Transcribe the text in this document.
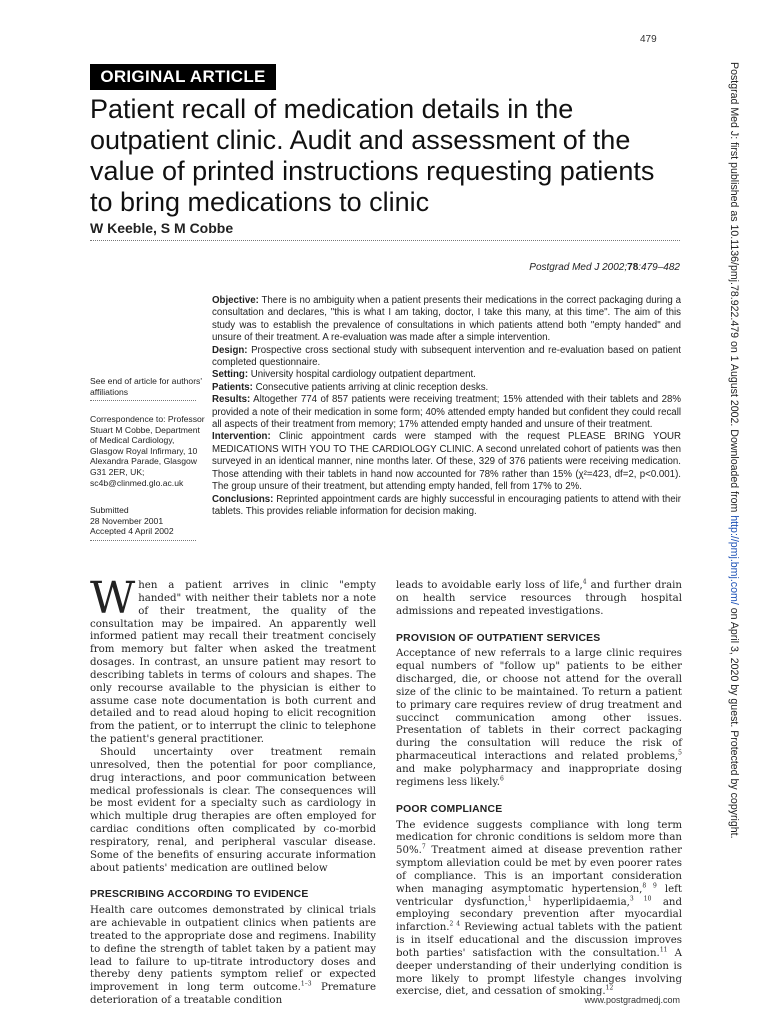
479
ORIGINAL ARTICLE
Patient recall of medication details in the outpatient clinic. Audit and assessment of the value of printed instructions requesting patients to bring medications to clinic
W Keeble, S M Cobbe
Postgrad Med J 2002;78:479–482
See end of article for authors' affiliations
Correspondence to: Professor Stuart M Cobbe, Department of Medical Cardiology, Glasgow Royal Infirmary, 10 Alexandra Parade, Glasgow G31 2ER, UK; sc4b@clinmed.glo.ac.uk
Submitted
28 November 2001
Accepted 4 April 2002

Objective: There is no ambiguity when a patient presents their medications in the correct packaging during a consultation and declares, "this is what I am taking, doctor, I take this many, at this time". The aim of this study was to establish the prevalence of consultations in which patients attend both "empty handed" and unsure of their treatment. A re-evaluation was made after a simple intervention.

Design: Prospective cross sectional study with subsequent intervention and re-evaluation based on patient completed questionnaire.

Setting: University hospital cardiology outpatient department.

Patients: Consecutive patients arriving at clinic reception desks.

Results: Altogether 774 of 857 patients were receiving treatment; 15% attended with their tablets and 28% provided a note of their medication in some form; 40% attended empty handed but confident they could recall all aspects of their treatment from memory; 17% attended empty handed and unsure of their treatment.

Intervention: Clinic appointment cards were stamped with the request PLEASE BRING YOUR MEDICATIONS WITH YOU TO THE CARDIOLOGY CLINIC. A second unrelated cohort of patients was then surveyed in an identical manner, nine months later. Of these, 329 of 376 patients were receiving medication. Those attending with their tablets in hand now accounted for 78% rather than 15% (χ²=423, df=2, p<0.001). The group unsure of their treatment, but attending empty handed, fell from 17% to 2%.

Conclusions: Reprinted appointment cards are highly successful in encouraging patients to attend with their tablets. This provides reliable information for decision making.

When a patient arrives in clinic "empty handed" with neither their tablets nor a note of their treatment, the quality of the consultation may be impaired. An apparently well informed patient may recall their treatment concisely from memory but falter when asked the treatment dosages. In contrast, an unsure patient may resort to describing tablets in terms of colours and shapes. The only recourse available to the physician is either to assume case note documentation is both current and detailed and to read aloud hoping to elicit recognition from the patient, or to interrupt the clinic to telephone the patient's general practitioner.

Should uncertainty over treatment remain unresolved, then the potential for poor compliance, drug interactions, and poor communication between medical professionals is clear. The consequences will be most evident for a specialty such as cardiology in which multiple drug therapies are often employed for cardiac conditions often complicated by co-morbid respiratory, renal, and peripheral vascular disease. Some of the benefits of ensuring accurate information about patients' medication are outlined below

PRESCRIBING ACCORDING TO EVIDENCE

Health care outcomes demonstrated by clinical trials are achievable in outpatient clinics when patients are treated to the appropriate dose and regimens. Inability to define the strength of tablet taken by a patient may lead to failure to up-titrate introductory doses and thereby deny patients symptom relief or expected improvement in long term outcome.$^{1-3}$ Premature deterioration of a treatable condition

leads to avoidable early loss of life,$^4$ and further drain on health service resources through hospital admissions and repeated investigations.

PROVISION OF OUTPATIENT SERVICES

Acceptance of new referrals to a large clinic requires equal numbers of "follow up" patients to be either discharged, die, or choose not attend for the overall size of the clinic to be maintained. To return a patient to primary care requires review of drug treatment and succinct communication among other issues. Presentation of tablets in their correct packaging during the consultation will reduce the risk of pharmaceutical interactions and related problems,$^5$ and make polypharmacy and inappropriate dosing regimens less likely.$^6$

POOR COMPLIANCE

The evidence suggests compliance with long term medication for chronic conditions is seldom more than 50%.$^7$ Treatment aimed at disease prevention rather symptom alleviation could be met by even poorer rates of compliance. This is an important consideration when managing asymptomatic hypertension,$^{8 9}$ left ventricular dysfunction,$^1$ hyperlipidaemia,$^{3 10}$ and employing secondary prevention after myocardial infarction.$^{2 4}$ Reviewing actual tablets with the patient is in itself educational and the discussion improves both parties' satisfaction with the consultation.$^{11}$ A deeper understanding of their underlying condition is more likely to prompt lifestyle changes involving exercise, diet, and cessation of smoking.$^{12}$

Postgrad Med J: first published as 10.1136/pmj.78.922.479 on 1 August 2002. Downloaded from http://pmj.bmj.com/ on April 3, 2020 by guest. Protected by copyright.
www.postgradmedj.com
